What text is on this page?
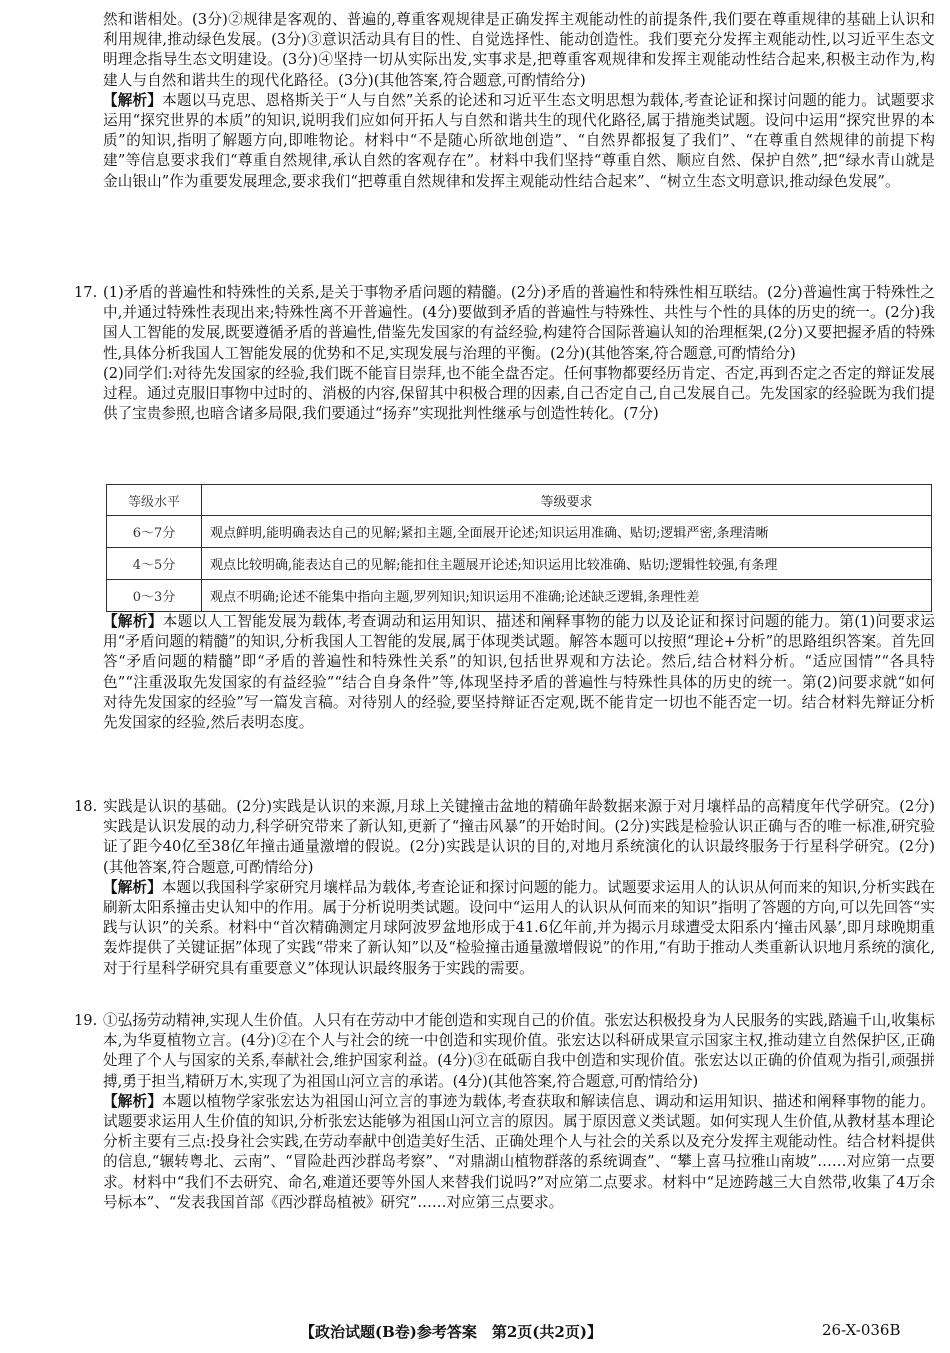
然和谐相处。(3分)②规律是客观的、普遍的,尊重客观规律是正确发挥主观能动性的前提条件,我们要在尊重规律的基础上认识和利用规律,推动绿色发展。(3分)③意识活动具有目的性、自觉选择性、能动创造性。我们要充分发挥主观能动性,以习近平生态文明理念指导生态文明建设。(3分)④坚持一切从实际出发,实事求是,把尊重客观规律和发挥主观能动性结合起来,积极主动作为,构建人与自然和谐共生的现代化路径。(3分)(其他答案,符合题意,可酌情给分)
【解析】本题以马克思、恩格斯关于“人与自然”关系的论述和习近平生态文明思想为载体,考查论证和探讨问题的能力。试题要求运用“探究世界的本质”的知识,说明我们应如何开拓人与自然和谐共生的现代化路径,属于措施类试题。设问中运用“探究世界的本质”的知识,指明了解题方向,即唯物论。材料中“不是随心所欲地创造”、“自然界都报复了我们”、“在尊重自然规律的前提下构建”等信息要求我们“尊重自然规律,承认自然的客观存在”。材料中我们坚持“尊重自然、顺应自然、保护自然”,把“绿水青山就是金山银山”作为重要发展理念,要求我们“把尊重自然规律和发挥主观能动性结合起来”、“树立生态文明意识,推动绿色发展”。
17. (1)矛盾的普遍性和特殊性的关系,是关于事物矛盾问题的精髓。(2分)矛盾的普遍性和特殊性相互联结。(2分)普遍性寓于特殊性之中,并通过特殊性表现出来;特殊性离不开普遍性。(4分)要做到矛盾的普遍性与特殊性、共性与个性的具体的历史的统一。(2分)我国人工智能的发展,既要遵循矛盾的普遍性,借鉴先发国家的有益经验,构建符合国际普遍认知的治理框架,(2分)又要把握矛盾的特殊性,具体分析我国人工智能发展的优势和不足,实现发展与治理的平衡。(2分)(其他答案,符合题意,可酌情给分)

(2)同学们:对待先发国家的经验,我们既不能盲目崇拜,也不能全盘否定。任何事物都要经历肯定、否定,再到否定之否定的辩证发展过程。通过克服旧事物中过时的、消极的内容,保留其中积极合理的因素,自己否定自己,自己发展自己。先发国家的经验既为我们提供了宝贵参照,也暗含诸多局限,我们要通过“扬弃”实现批判性继承与创造性转化。(7分)

等级水平	等级要求
6～7分	观点鲜明,能明确表达自己的见解;紧扣主题,全面展开论述;知识运用准确、贴切;逻辑严密,条理清晰
4～5分	观点比较明确,能表达自己的见解;能扣住主题展开论述;知识运用比较准确、贴切;逻辑性较强,有条理
0～3分	观点不明确;论述不能集中指向主题,罗列知识;知识运用不准确;论述缺乏逻辑,条理性差
【解析】本题以人工智能发展为载体,考查调动和运用知识、描述和阐释事物的能力以及论证和探讨问题的能力。第(1)问要求运用“矛盾问题的精髓”的知识,分析我国人工智能的发展,属于体现类试题。解答本题可以按照“理论+分析”的思路组织答案。首先回答“矛盾问题的精髓”即“矛盾的普遍性和特殊性关系”的知识,包括世界观和方法论。然后,结合材料分析。“适应国情”“各具特色”“注重汲取先发国家的有益经验”“结合自身条件”等,体现坚持矛盾的普遍性与特殊性具体的历史的统一。第(2)问要求就“如何对待先发国家的经验”写一篇发言稿。对待别人的经验,要坚持辩证否定观,既不能肯定一切也不能否定一切。结合材料先辩证分析先发国家的经验,然后表明态度。
18. 实践是认识的基础。(2分)实践是认识的来源,月球上关键撞击盆地的精确年龄数据来源于对月壤样品的高精度年代学研究。(2分)实践是认识发展的动力,科学研究带来了新认知,更新了“撞击风暴”的开始时间。(2分)实践是检验认识正确与否的唯一标准,研究验证了距今40亿至38亿年撞击通量激增的假说。(2分)实践是认识的目的,对地月系统演化的认识最终服务于行星科学研究。(2分)(其他答案,符合题意,可酌情给分)

【解析】本题以我国科学家研究月壤样品为载体,考查论证和探讨问题的能力。试题要求运用人的认识从何而来的知识,分析实践在刷新太阳系撞击史认知中的作用。属于分析说明类试题。设问中“运用人的认识从何而来的知识”指明了答题的方向,可以先回答“实践与认识”的关系。材料中“首次精确测定月球阿波罗盆地形成于41.6亿年前,并为揭示月球遭受太阳系内‘撞击风暴’,即月球晚期重轰炸提供了关键证据”体现了实践“带来了新认知”以及“检验撞击通量激增假说”的作用,“有助于推动人类重新认识地月系统的演化,对于行星科学研究具有重要意义”体现认识最终服务于实践的需要。

19. ①弘扬劳动精神,实现人生价值。人只有在劳动中才能创造和实现自己的价值。张宏达积极投身为人民服务的实践,踏遍千山,收集标本,为华夏植物立言。(4分)②在个人与社会的统一中创造和实现价值。张宏达以科研成果宣示国家主权,推动建立自然保护区,正确处理了个人与国家的关系,奉献社会,维护国家利益。(4分)③在砥砺自我中创造和实现价值。张宏达以正确的价值观为指引,顽强拼搏,勇于担当,精研万木,实现了为祖国山河立言的承诺。(4分)(其他答案,符合题意,可酌情给分)

【解析】本题以植物学家张宏达为祖国山河立言的事迹为载体,考查获取和解读信息、调动和运用知识、描述和阐释事物的能力。试题要求运用人生价值的知识,分析张宏达能够为祖国山河立言的原因。属于原因意义类试题。如何实现人生价值,从教材基本理论分析主要有三点:投身社会实践,在劳动奉献中创造美好生活、正确处理个人与社会的关系以及充分发挥主观能动性。结合材料提供的信息,“辗转粤北、云南”、“冒险赴西沙群岛考察”、“对鼎湖山植物群落的系统调查”、“攀上喜马拉雅山南坡”……对应第一点要求。材料中“我们不去研究、命名,难道还要等外国人来替我们说吗?”对应第二点要求。材料中“足迹跨越三大自然带,收集了4万余号标本”、“发表我国首部《西沙群岛植被》研究”……对应第三点要求。

【政治试题(B卷)参考答案　第2页(共2页)】	26-X-036B
